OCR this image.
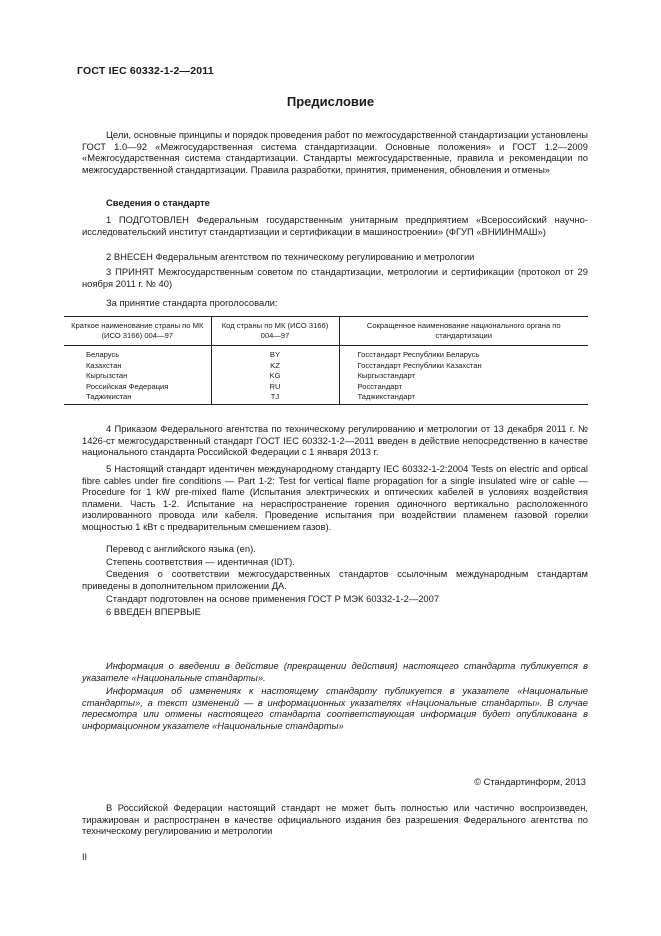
ГОСТ IEC 60332-1-2—2011
Предисловие
Цели, основные принципы и порядок проведения работ по межгосударственной стандартизации установлены ГОСТ 1.0—92 «Межгосударственная система стандартизации. Основные положения» и ГОСТ 1.2—2009 «Межгосударственная система стандартизации. Стандарты межгосударственные, правила и рекомендации по межгосударственной стандартизации. Правила разработки, принятия, применения, обновления и отмены»
Сведения о стандарте
1 ПОДГОТОВЛЕН Федеральным государственным унитарным предприятием «Всероссийский научно-исследовательский институт стандартизации и сертификации в машиностроении» (ФГУП «ВНИИНМАШ»)
2 ВНЕСЕН Федеральным агентством по техническому регулированию и метрологии
3 ПРИНЯТ Межгосударственным советом по стандартизации, метрологии и сертификации (протокол от 29 ноября 2011 г. № 40)
За принятие стандарта проголосовали:
Краткое наименование страны по МК (ИСО 3166) 004—97	Код страны по МК (ИСО 3166) 004—97	Сокращенное наименование национального органа по стандартизации
Беларусь	BY	Госстандарт Республики Беларусь
Казахстан	KZ	Госстандарт Республики Казахстан
Кыргызстан	KG	Кыргызстандарт
Российская Федерация	RU	Росстандарт
Таджикистан	TJ	Таджикстандарт
4 Приказом Федерального агентства по техническому регулированию и метрологии от 13 декабря 2011 г. № 1426-ст межгосударственный стандарт ГОСТ IEC 60332-1-2—2011 введен в действие непосредственно в качестве национального стандарта Российской Федерации с 1 января 2013 г.
5 Настоящий стандарт идентичен международному стандарту IEC 60332-1-2:2004 Tests on electric and optical fibre cables under fire conditions — Part 1-2: Test for vertical flame propagation for a single insulated wire or cable — Procedure for 1 kW pre-mixed flame (Испытания электрических и оптических кабелей в условиях воздействия пламени. Часть 1-2. Испытание на нераспространение горения одиночного вертикально расположенного изолированного провода или кабеля. Проведение испытания при воздействии пламенем газовой горелки мощностью 1 кВт с предварительным смешением газов).
Перевод с английского языка (en).
Степень соответствия — идентичная (IDT).
Сведения о соответствии межгосударственных стандартов ссылочным международным стандартам приведены в дополнительном приложении ДА.
Стандарт подготовлен на основе применения ГОСТ Р МЭК 60332-1-2—2007
6 ВВЕДЕН ВПЕРВЫЕ
Информация о введении в действие (прекращении действия) настоящего стандарта публикуется в указателе «Национальные стандарты».
Информация об изменениях к настоящему стандарту публикуется в указателе «Национальные стандарты», а текст изменений — в информационных указателях «Национальные стандарты». В случае пересмотра или отмены настоящего стандарта соответствующая информация будет опубликована в информационном указателе «Национальные стандарты»
© Стандартинформ, 2013
В Российской Федерации настоящий стандарт не может быть полностью или частично воспроизведен, тиражирован и распространен в качестве официального издания без разрешения Федерального агентства по техническому регулированию и метрологии
II
